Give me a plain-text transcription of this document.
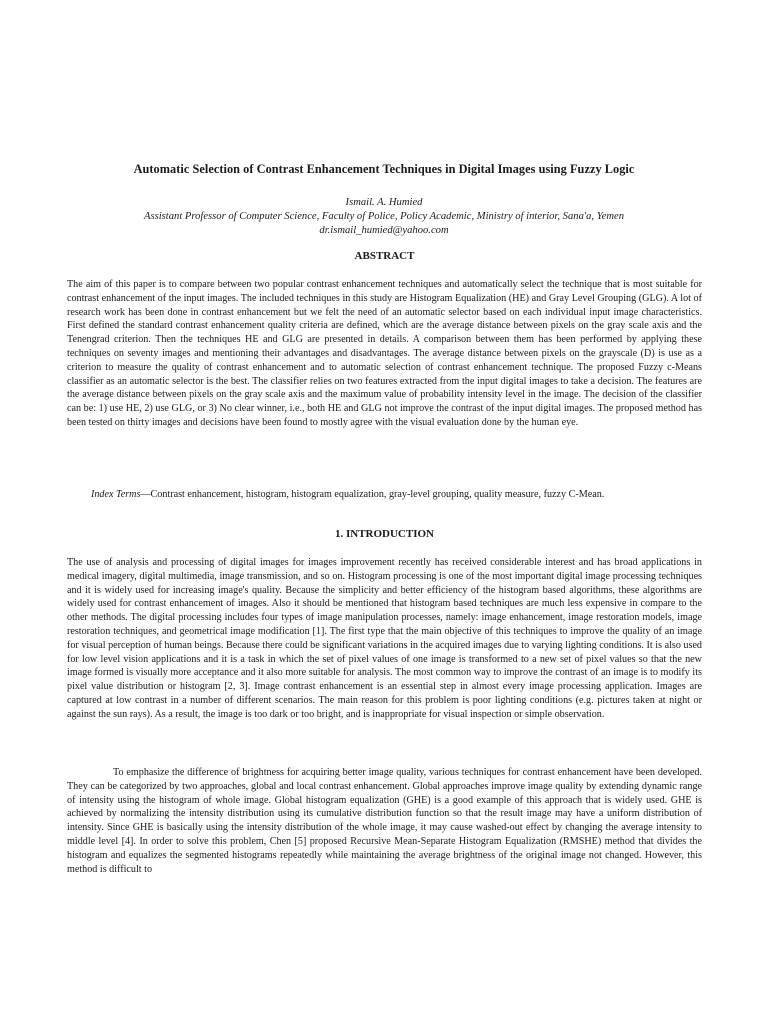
Automatic Selection of Contrast Enhancement Techniques in Digital Images using Fuzzy Logic
Ismail. A. Humied
Assistant Professor of Computer Science, Faculty of Police, Policy Academic, Ministry of interior, Sana'a, Yemen
dr.ismail_humied@yahoo.com
ABSTRACT

The aim of this paper is to compare between two popular contrast enhancement techniques and automatically select the technique that is most suitable for contrast enhancement of the input images. The included techniques in this study are Histogram Equalization (HE) and Gray Level Grouping (GLG). A lot of research work has been done in contrast enhancement but we felt the need of an automatic selector based on each individual input image characteristics. First defined the standard contrast enhancement quality criteria are defined, which are the average distance between pixels on the gray scale axis and the Tenengrad criterion. Then the techniques HE and GLG are presented in details. A comparison between them has been performed by applying these techniques on seventy images and mentioning their advantages and disadvantages. The average distance between pixels on the grayscale (D) is use as a criterion to measure the quality of contrast enhancement and to automatic selection of contrast enhancement technique. The proposed Fuzzy c-Means classifier as an automatic selector is the best. The classifier relies on two features extracted from the input digital images to take a decision. The features are the average distance between pixels on the gray scale axis and the maximum value of probability intensity level in the image. The decision of the classifier can be: 1) use HE, 2) use GLG, or 3) No clear winner, i.e., both HE and GLG not improve the contrast of the input digital images. The proposed method has been tested on thirty images and decisions have been found to mostly agree with the visual evaluation done by the human eye.

Index Terms—Contrast enhancement, histogram, histogram equalization, gray-level grouping, quality measure, fuzzy C-Mean.

1. INTRODUCTION

The use of analysis and processing of digital images for images improvement recently has received considerable interest and has broad applications in medical imagery, digital multimedia, image transmission, and so on. Histogram processing is one of the most important digital image processing techniques and it is widely used for increasing image's quality. Because the simplicity and better efficiency of the histogram based algorithms, these algorithms are widely used for contrast enhancement of images. Also it should be mentioned that histogram based techniques are much less expensive in compare to the other methods. The digital processing includes four types of image manipulation processes, namely: image enhancement, image restoration models, image restoration techniques, and geometrical image modification [1]. The first type that the main objective of this techniques to improve the quality of an image for visual perception of human beings. Because there could be significant variations in the acquired images due to varying lighting conditions. It is also used for low level vision applications and it is a task in which the set of pixel values of one image is transformed to a new set of pixel values so that the new image formed is visually more acceptance and it also more suitable for analysis. The most common way to improve the contrast of an image is to modify its pixel value distribution or histogram [2, 3]. Image contrast enhancement is an essential step in almost every image processing application. Images are captured at low contrast in a number of different scenarios. The main reason for this problem is poor lighting conditions (e.g. pictures taken at night or against the sun rays). As a result, the image is too dark or too bright, and is inappropriate for visual inspection or simple observation.

To emphasize the difference of brightness for acquiring better image quality, various techniques for contrast enhancement have been developed. They can be categorized by two approaches, global and local contrast enhancement. Global approaches improve image quality by extending dynamic range of intensity using the histogram of whole image. Global histogram equalization (GHE) is a good example of this approach that is widely used. GHE is achieved by normalizing the intensity distribution using its cumulative distribution function so that the result image may have a uniform distribution of intensity. Since GHE is basically using the intensity distribution of the whole image, it may cause washed-out effect by changing the average intensity to middle level [4]. In order to solve this problem, Chen [5] proposed Recursive Mean-Separate Histogram Equalization (RMSHE) method that divides the histogram and equalizes the segmented histograms repeatedly while maintaining the average brightness of the original image not changed. However, this method is difficult to
